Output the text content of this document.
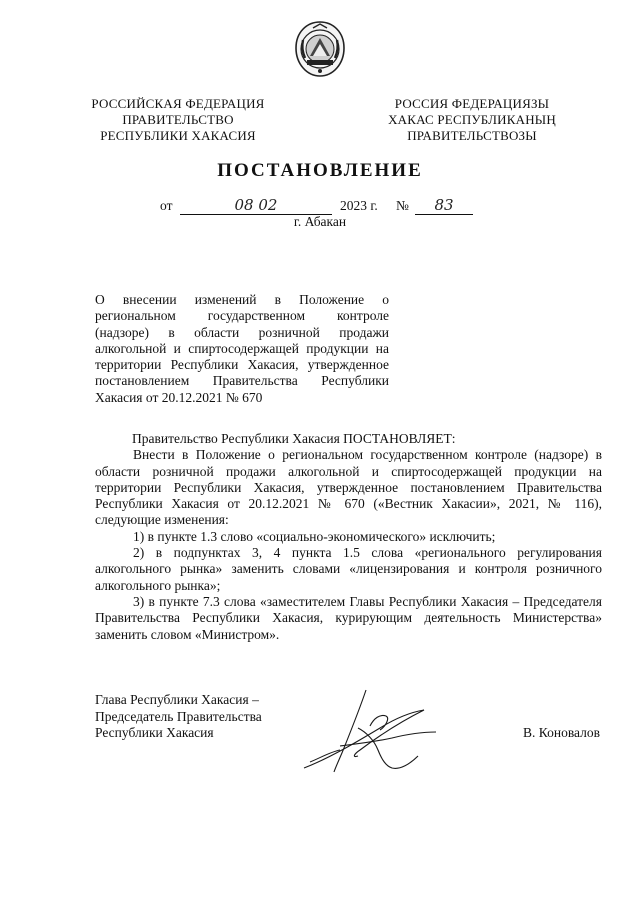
РОССИЙСКАЯ ФЕДЕРАЦИЯ
ПРАВИТЕЛЬСТВО
РЕСПУБЛИКИ ХАКАСИЯ
РОССИЯ ФЕДЕРАЦИЯЗЫ
ХАКАС РЕСПУБЛИКАНЫҢ
ПРАВИТЕЛЬСТВОЗЫ
ПОСТАНОВЛЕНИЕ
от	08 02	2023 г. №	83
г. Абакан
О внесении изменений в Положение о региональном государственном контроле (надзоре) в области розничной продажи алкогольной и спиртосодержащей продукции на территории Республики Хакасия, утвержденное постановлением Правительства Республики Хакасия от 20.12.2021 № 670

Правительство Республики Хакасия ПОСТАНОВЛЯЕТ:

Внести в Положение о региональном государственном контроле (надзоре) в области розничной продажи алкогольной и спиртосодержащей продукции на территории Республики Хакасия, утвержденное постановлением Правительства Республики Хакасия от 20.12.2021 № 670 («Вестник Хакасии», 2021, № 116), следующие изменения:

1) в пункте 1.3 слово «социально-экономического» исключить;

2) в подпунктах 3, 4 пункта 1.5 слова «регионального регулирования алкогольного рынка» заменить словами «лицензирования и контроля розничного алкогольного рынка»;

3) в пункте 7.3 слова «заместителем Главы Республики Хакасия – Председателя Правительства Республики Хакасия, курирующим деятельность Министерства» заменить словом «Министром».

Глава Республики Хакасия –
Председатель Правительства
Республики Хакасия	В. Коновалов
